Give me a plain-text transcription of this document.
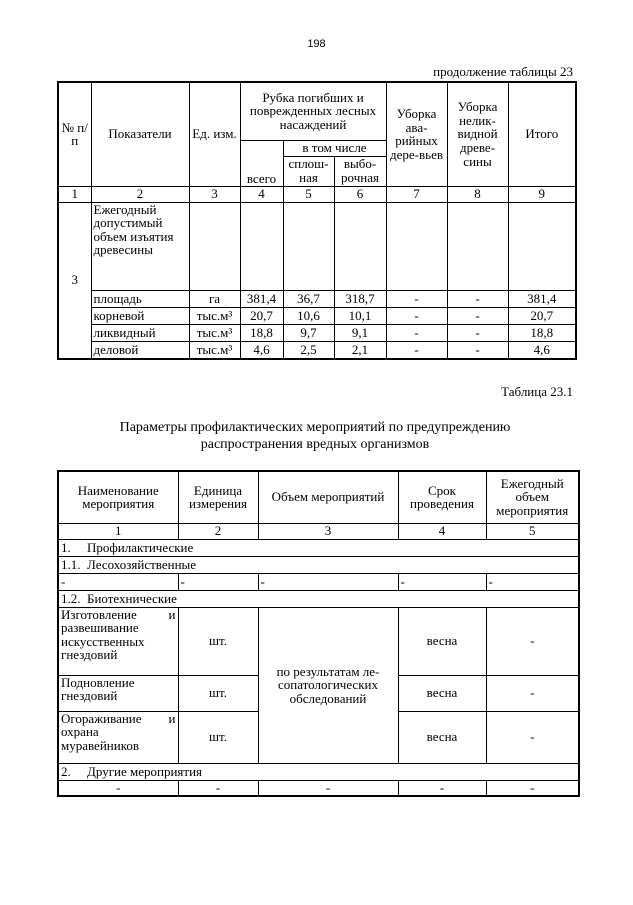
198
продолжение таблицы 23
№ п/п	Показатели	Ед. изм.	Рубка погибших и поврежденных лесных насаждений			Уборка ава-рийных дере-вьев	Уборка нелик-видной древе-сины	Итого
			всего	в том числе				
				сплош-ная	выбо-рочная			
1	2	3	4	5	6	7	8	9
3	Ежегодный допустимый объем изъятия древесины							
	площадь	га	381,4	36,7	318,7	-	-	381,4
	корневой	тыс.м³	20,7	10,6	10,1	-	-	20,7
	ликвидный	тыс.м³	18,8	9,7	9,1	-	-	18,8
	деловой	тыс.м³	4,6	2,5	2,1	-	-	4,6
Таблица 23.1
Параметры профилактических мероприятий по предупреждению распространения вредных организмов
Наименование мероприятия	Единица измерения	Объем мероприятий	Срок проведения	Ежегодный объем мероприятия
1	2	3	4	5
1.     Профилактические				
1.1.  Лесохозяйственные				
-	-	-	-	-
1.2.  Биотехнические				
Изготовление и развешивание искусственных гнездовий	шт.	по результатам ле-сопатологических обследований	весна	-
Подновление гнездовий	шт.		весна	-
Огораживание и охрана муравейников	шт.		весна	-
2.     Другие мероприятия				
-	-	-	-	-
